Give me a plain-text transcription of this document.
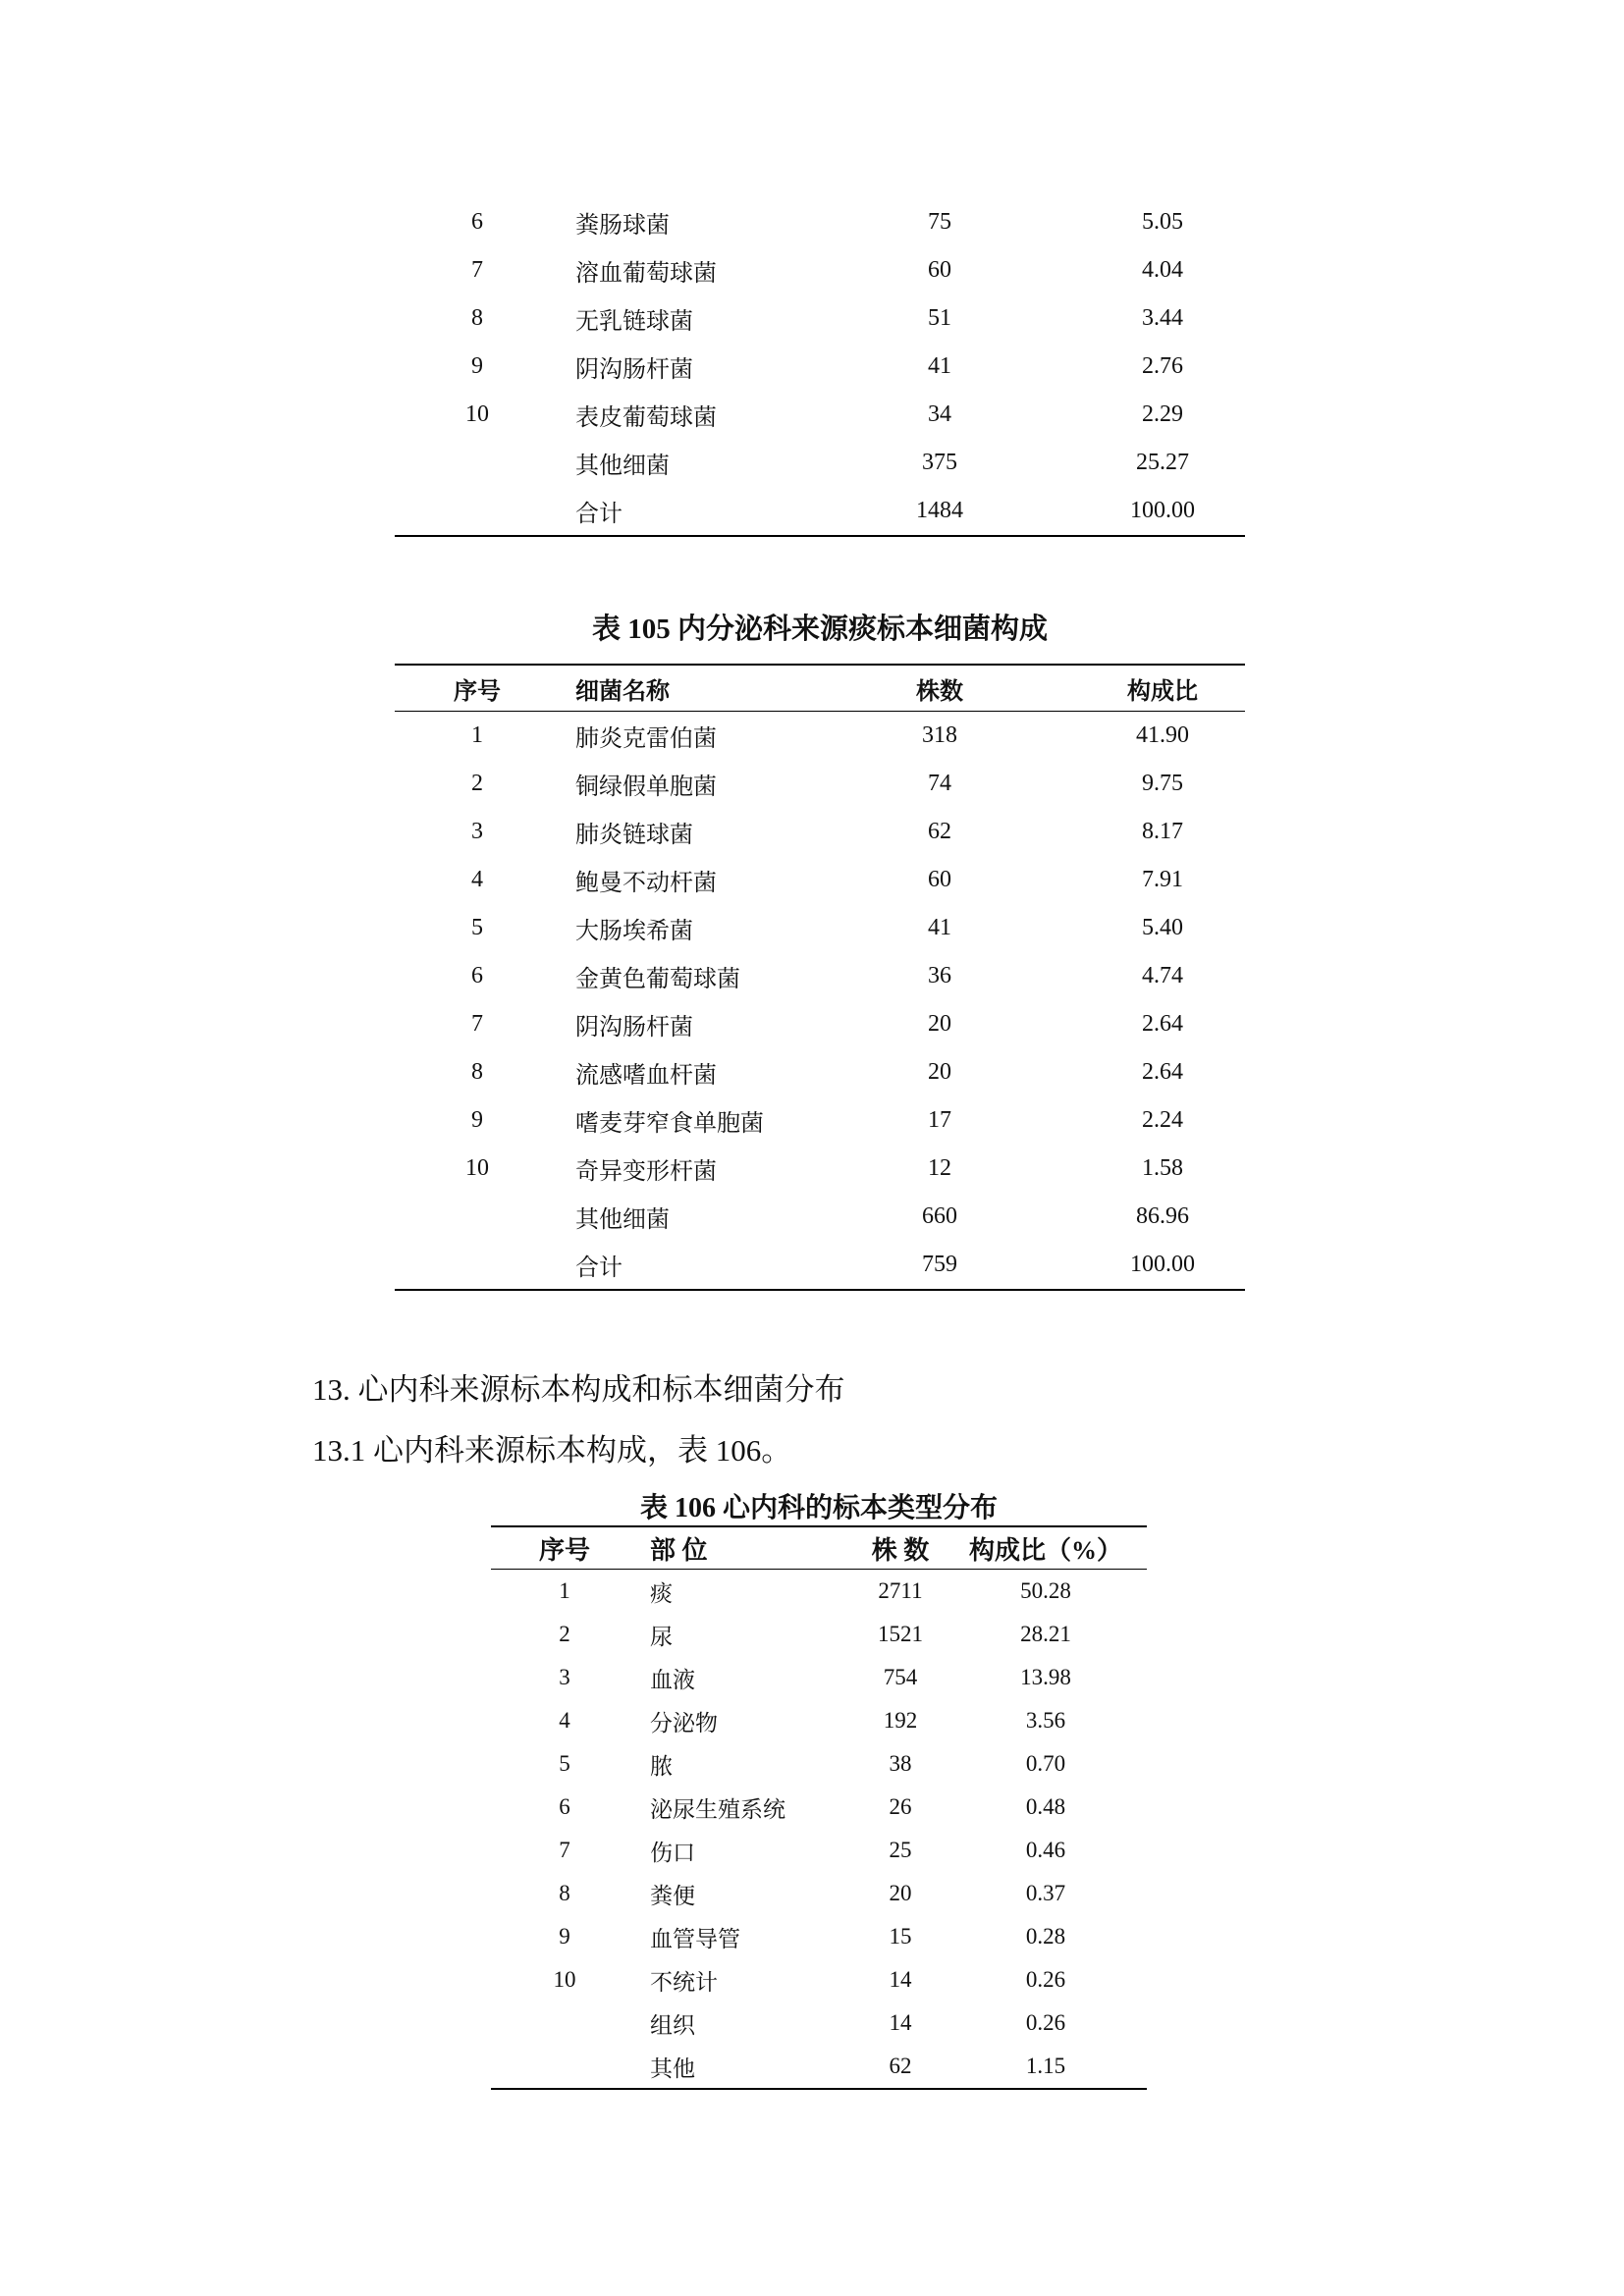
6	粪肠球菌	75	5.05
7	溶血葡萄球菌	60	4.04
8	无乳链球菌	51	3.44
9	阴沟肠杆菌	41	2.76
10	表皮葡萄球菌	34	2.29
	其他细菌	375	25.27
	合计	1484	100.00
表 105 内分泌科来源痰标本细菌构成
序号	细菌名称	株数	构成比
1	肺炎克雷伯菌	318	41.90
2	铜绿假单胞菌	74	9.75
3	肺炎链球菌	62	8.17
4	鲍曼不动杆菌	60	7.91
5	大肠埃希菌	41	5.40
6	金黄色葡萄球菌	36	4.74
7	阴沟肠杆菌	20	2.64
8	流感嗜血杆菌	20	2.64
9	嗜麦芽窄食单胞菌	17	2.24
10	奇异变形杆菌	12	1.58
	其他细菌	660	86.96
	合计	759	100.00
13. 心内科来源标本构成和标本细菌分布
13.1 心内科来源标本构成，表 106。
表 106 心内科的标本类型分布
序号	部 位	株 数	构成比（%）
1	痰	2711	50.28
2	尿	1521	28.21
3	血液	754	13.98
4	分泌物	192	3.56
5	脓	38	0.70
6	泌尿生殖系统	26	0.48
7	伤口	25	0.46
8	粪便	20	0.37
9	血管导管	15	0.28
10	不统计	14	0.26
	组织	14	0.26
	其他	62	1.15
